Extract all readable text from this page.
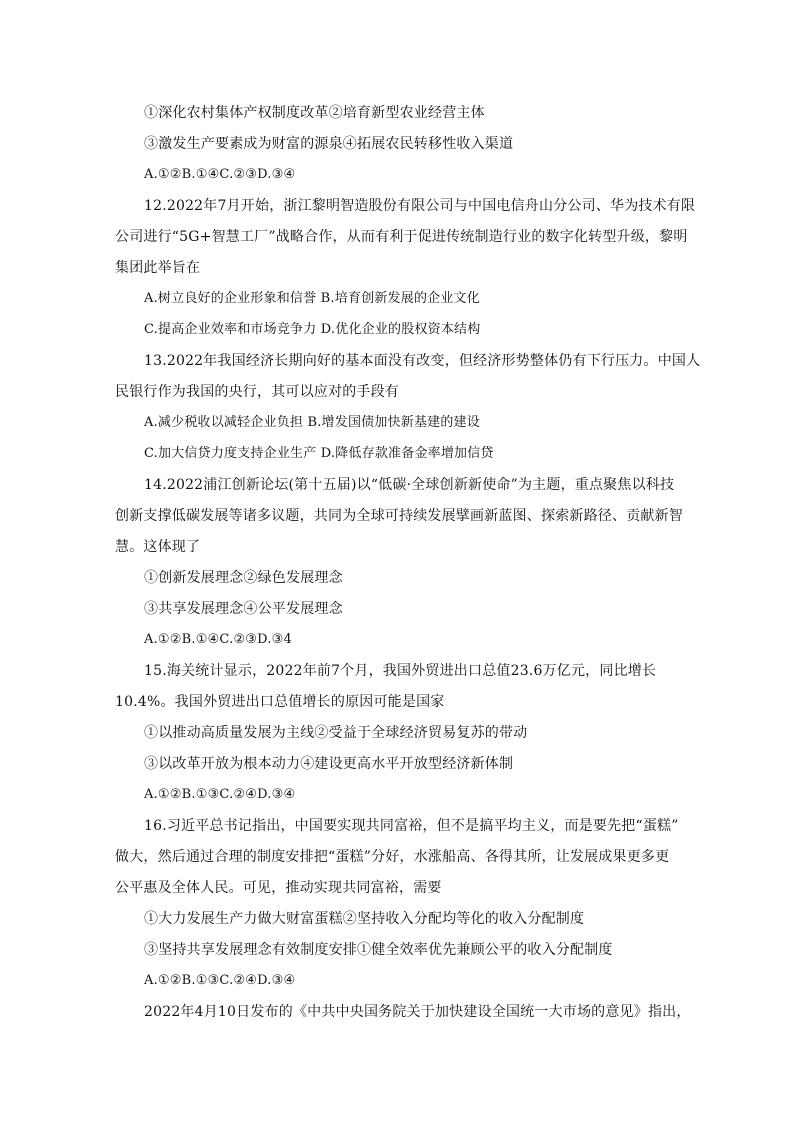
①深化农村集体产权制度改革②培育新型农业经营主体
③激发生产要素成为财富的源泉④拓展农民转移性收入渠道
A.①②B.①④C.②③D.③④
12.2022年7月开始，浙江黎明智造股份有限公司与中国电信舟山分公司、华为技术有限
公司进行“5G+智慧工厂”战略合作，从而有利于促进传统制造行业的数字化转型升级，黎明
集团此举旨在
A.树立良好的企业形象和信誉 B.培育创新发展的企业文化
C.提高企业效率和市场竞争力 D.优化企业的股权资本结构
13.2022年我国经济长期向好的基本面没有改变，但经济形势整体仍有下行压力。中国人
民银行作为我国的央行，其可以应对的手段有
A.减少税收以减轻企业负担 B.增发国债加快新基建的建设
C.加大信贷力度支持企业生产 D.降低存款准备金率增加信贷
14.2022浦江创新论坛(第十五届)以“低碳·全球创新新使命”为主题，重点聚焦以科技
创新支撑低碳发展等诸多议题，共同为全球可持续发展擘画新蓝图、探索新路径、贡献新智
慧。这体现了
①创新发展理念②绿色发展理念
③共享发展理念④公平发展理念
A.①②B.①④C.②③D.③4
15.海关统计显示，2022年前7个月，我国外贸进出口总值23.6万亿元，同比增长
10.4%。我国外贸进出口总值增长的原因可能是国家
①以推动高质量发展为主线②受益于全球经济贸易复苏的带动
③以改革开放为根本动力④建设更高水平开放型经济新体制
A.①②B.①③C.②④D.③④
16.习近平总书记指出，中国要实现共同富裕，但不是搞平均主义，而是要先把“蛋糕”
做大，然后通过合理的制度安排把“蛋糕”分好，水涨船高、各得其所，让发展成果更多更
公平惠及全体人民。可见，推动实现共同富裕，需要
①大力发展生产力做大财富蛋糕②坚持收入分配均等化的收入分配制度
③坚持共享发展理念有效制度安排①健全效率优先兼顾公平的收入分配制度
A.①②B.①③C.②④D.③④
2022年4月10日发布的《中共中央国务院关于加快建设全国统一大市场的意见》指出，
